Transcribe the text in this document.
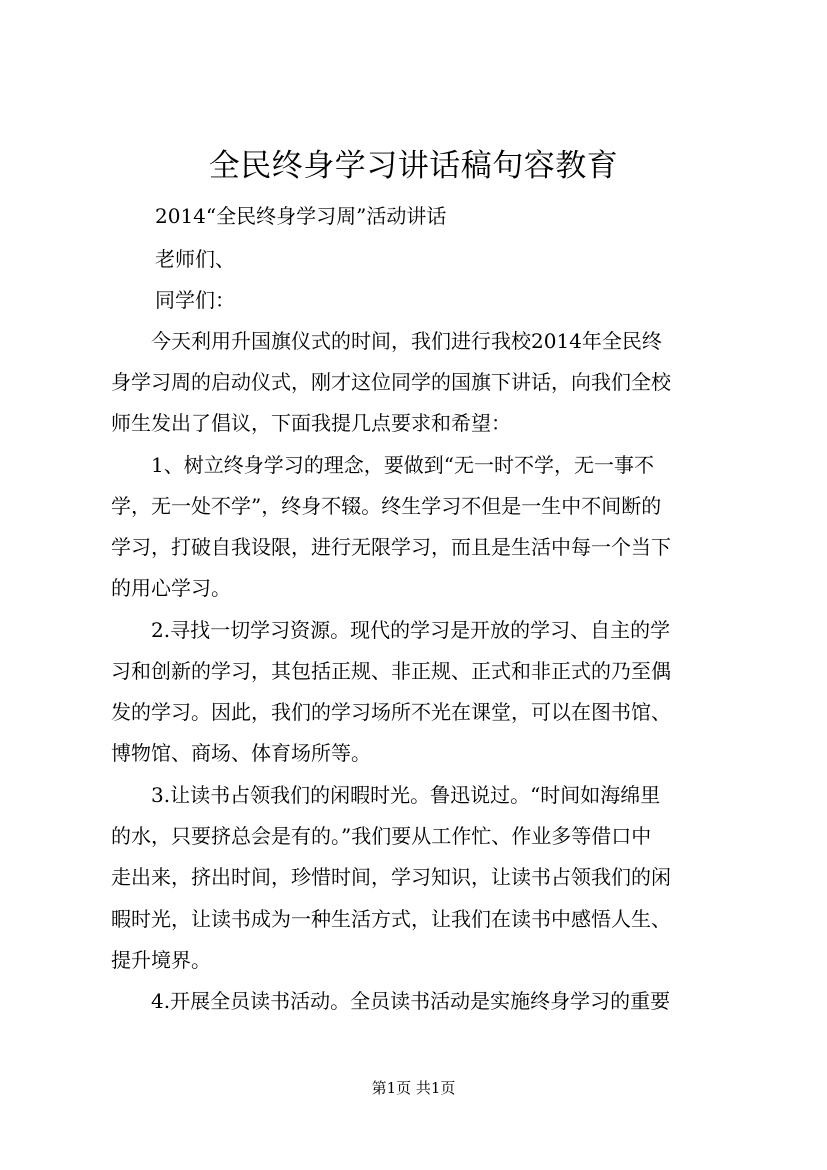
全民终身学习讲话稿句容教育

2014“全民终身学习周”活动讲话

老师们、

同学们：

今天利用升国旗仪式的时间，我们进行我校2014年全民终

身学习周的启动仪式，刚才这位同学的国旗下讲话，向我们全校

师生发出了倡议，下面我提几点要求和希望：

1、树立终身学习的理念，要做到“无一时不学，无一事不

学，无一处不学”，终身不辍。终生学习不但是一生中不间断的

学习，打破自我设限，进行无限学习，而且是生活中每一个当下

的用心学习。

2.寻找一切学习资源。现代的学习是开放的学习、自主的学

习和创新的学习，其包括正规、非正规、正式和非正式的乃至偶

发的学习。因此，我们的学习场所不光在课堂，可以在图书馆、

博物馆、商场、体育场所等。

3.让读书占领我们的闲暇时光。鲁迅说过。“时间如海绵里

的水，只要挤总会是有的。”我们要从工作忙、作业多等借口中

走出来，挤出时间，珍惜时间，学习知识，让读书占领我们的闲

暇时光，让读书成为一种生活方式，让我们在读书中感悟人生、

提升境界。

4.开展全员读书活动。全员读书活动是实施终身学习的重要

第1页 共1页
